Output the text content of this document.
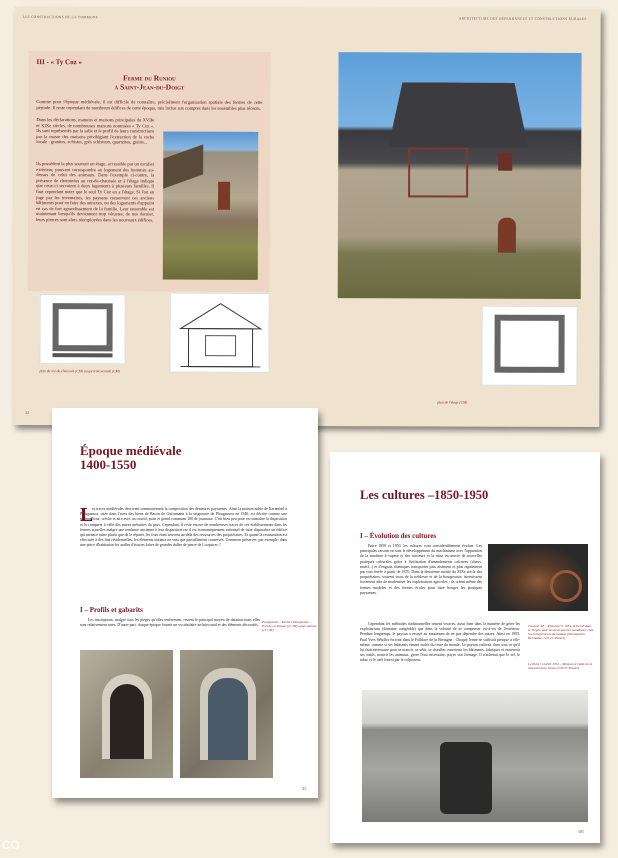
LES CONSTRUCTIONS DE LA COMMUNE	ARCHITECTURE DES DÉPENDANCES ET CONSTRUCTIONS RURALES
III - « Ty Coz »
Ferme du Runiou
à Saint-Jean-du-Doigt
Comme pour l'époque médiévale, il est difficile de connaître, précisément l'organisation spatiale des fermes de cette période. Il reste cependant de nombreux édifices de cette époque, mis inclus aux comptes dans les ensembles plus récents.
Dans les déclarations, manoirs et maisons principales du XVIIe et XIXe siècles, de nombreuses maisons nommées « Ty Coz ». Ils sont représentés par la salle et le profil de leurs constructions par la masse des maisons privilégiant l'extraction de la roche locale : granites, schistes, grès schisteux, quartzites, grains...
Ils possèdent la plus souvent un étage, accessible par un escalier extérieur, pouvant correspondre au logement des hommes au-dessus de celui des animaux. Dans l'exemple ci-contre, la présence de cheminées au rez-de-chaussée et à l'étage indique que ceux-ci servaient à deux logements à plusieurs familles. Il faut cependant noter que le seul Ty Coz en a l'étage. Si l'on en juge par les inventaires, les paysans conservent ces anciens bâtiments pour en faire des annexes, ou des logements d'appoint en cas de fort agrandissement de la famille. Leur ensemble est maintenant lorsqu'ils deviennent trop vétustes, de nos dernier, leurs pierres sont alors réemployées dans les nouveaux édifices.
plan du rez-de-chaussée (CM) coupe transversale (CM)
plan de l'étage (CM)
22
Époque médiévale
1400-1550
L
es traces médiévales décrivent sommairement la composition des demeures paysannes. Ainsi la maison noble de Kerambel à Plougasnou, citée dans l'aveu des biens de Bacon de Guisamann à la seigneurie de Plougasnou en 1540, est décrite comme une maison, four, crèche et aire avec un courtil, puits et grand communs 100 de journaux. C'est bien peu pour en connaître la disposition et la comparer à celle des autres métairies du pays. Cependant, il reste encore de nombreuses traces de ces établissements dans les fermes actuelles malgré une tendance ancienne à leur disparition car il est économiquement rationnel de faire disparaître un édifice qui menace ruine plutôt que de le réparer, les frais étant souvent au-delà des ressources des propriétaires. Et quand la restauration est effectuée à des fins résidentielles, les éléments initiaux ne sont que partiellement conservés. Comment préserver, par exemple, dans une pièce d'habitation les audles d'écuries faites de grandes dalles de pierre de Locquirec ?
I – Profils et gabarits
Les inscriptions, malgré tous les pièges qu'elles renferment, restent le principal moyen de datation mais elles sont relativement rares. D'autre part, chaque époque fournit un vocabulaire architectural et des éléments décoratifs
Plougasnou – Kerbiel Plougasnou – Porche en linteau (cl. JM) ogive spécule (cl. CM)
31
Les cultures –1850-1950
I – Évolution des cultures
Entre 1850 et 1950, les cultures vont considérablement évoluer. Les principales raisons en sont le développement du machinisme avec l'apparition de la machine à vapeur et des tracteurs et la mise en œuvre de nouvelles pratiques culturales grâce à l'utilisation d'amendements calcaires (chaux, maërl...) et d'engrais chimiques transportés plus aisément et plus rapidement par voie ferrée à partir de 1870. Dans la deuxième moitié du XIXe siècle des propriétaires, souvent issus de la noblesse et de la bourgeoisie, investissent fortement afin de moderniser les exploitations agricoles ; ils créent même des fermes modèles et des fermes écoles pour faire bouger les pratiques paysannes.
Cependant les méthodes traditionnelles restent vivaces, aussi bien dans la manière de gérer les exploitations (domaine congéable) que dans la volonté de se compenser vis-à-vis de l'extérieur. Pendant longtemps, le paysan a essayé au maximum de ne pas dépendre des autres. Ainsi en 1905, Paul Yves Sébillot écrivait dans le Folklore de la Bretagne : Chaque ferme se suffisait presque à elle-même, comme si ses habitants étaient isolés du reste du monde. Le paysan cultivait donc tout ce qu'il lui était nécessaire pour se nourrir, se vêtir, se chauffer, entretenir les bâtiments, fabriquer et entretenir ses outils, nourrir les animaux, gérer l'eau nécessaire, payer son fermage. Il n'achetait que le sel, le tabac et le café fourni par le colporteur.
Tracteur SF – Plouezoc'h, 1934, présenté dans le Trégor, avec les deux guerres mondiales, chez les entrepreneurs de battage (Plouégastes Kermadec, coll. D. Pouzet)
Le Puits Crozérit 1952 – Moisson à l'aide de la moissonneuse lieuse (coll. D. Pouzet)
101
CO
